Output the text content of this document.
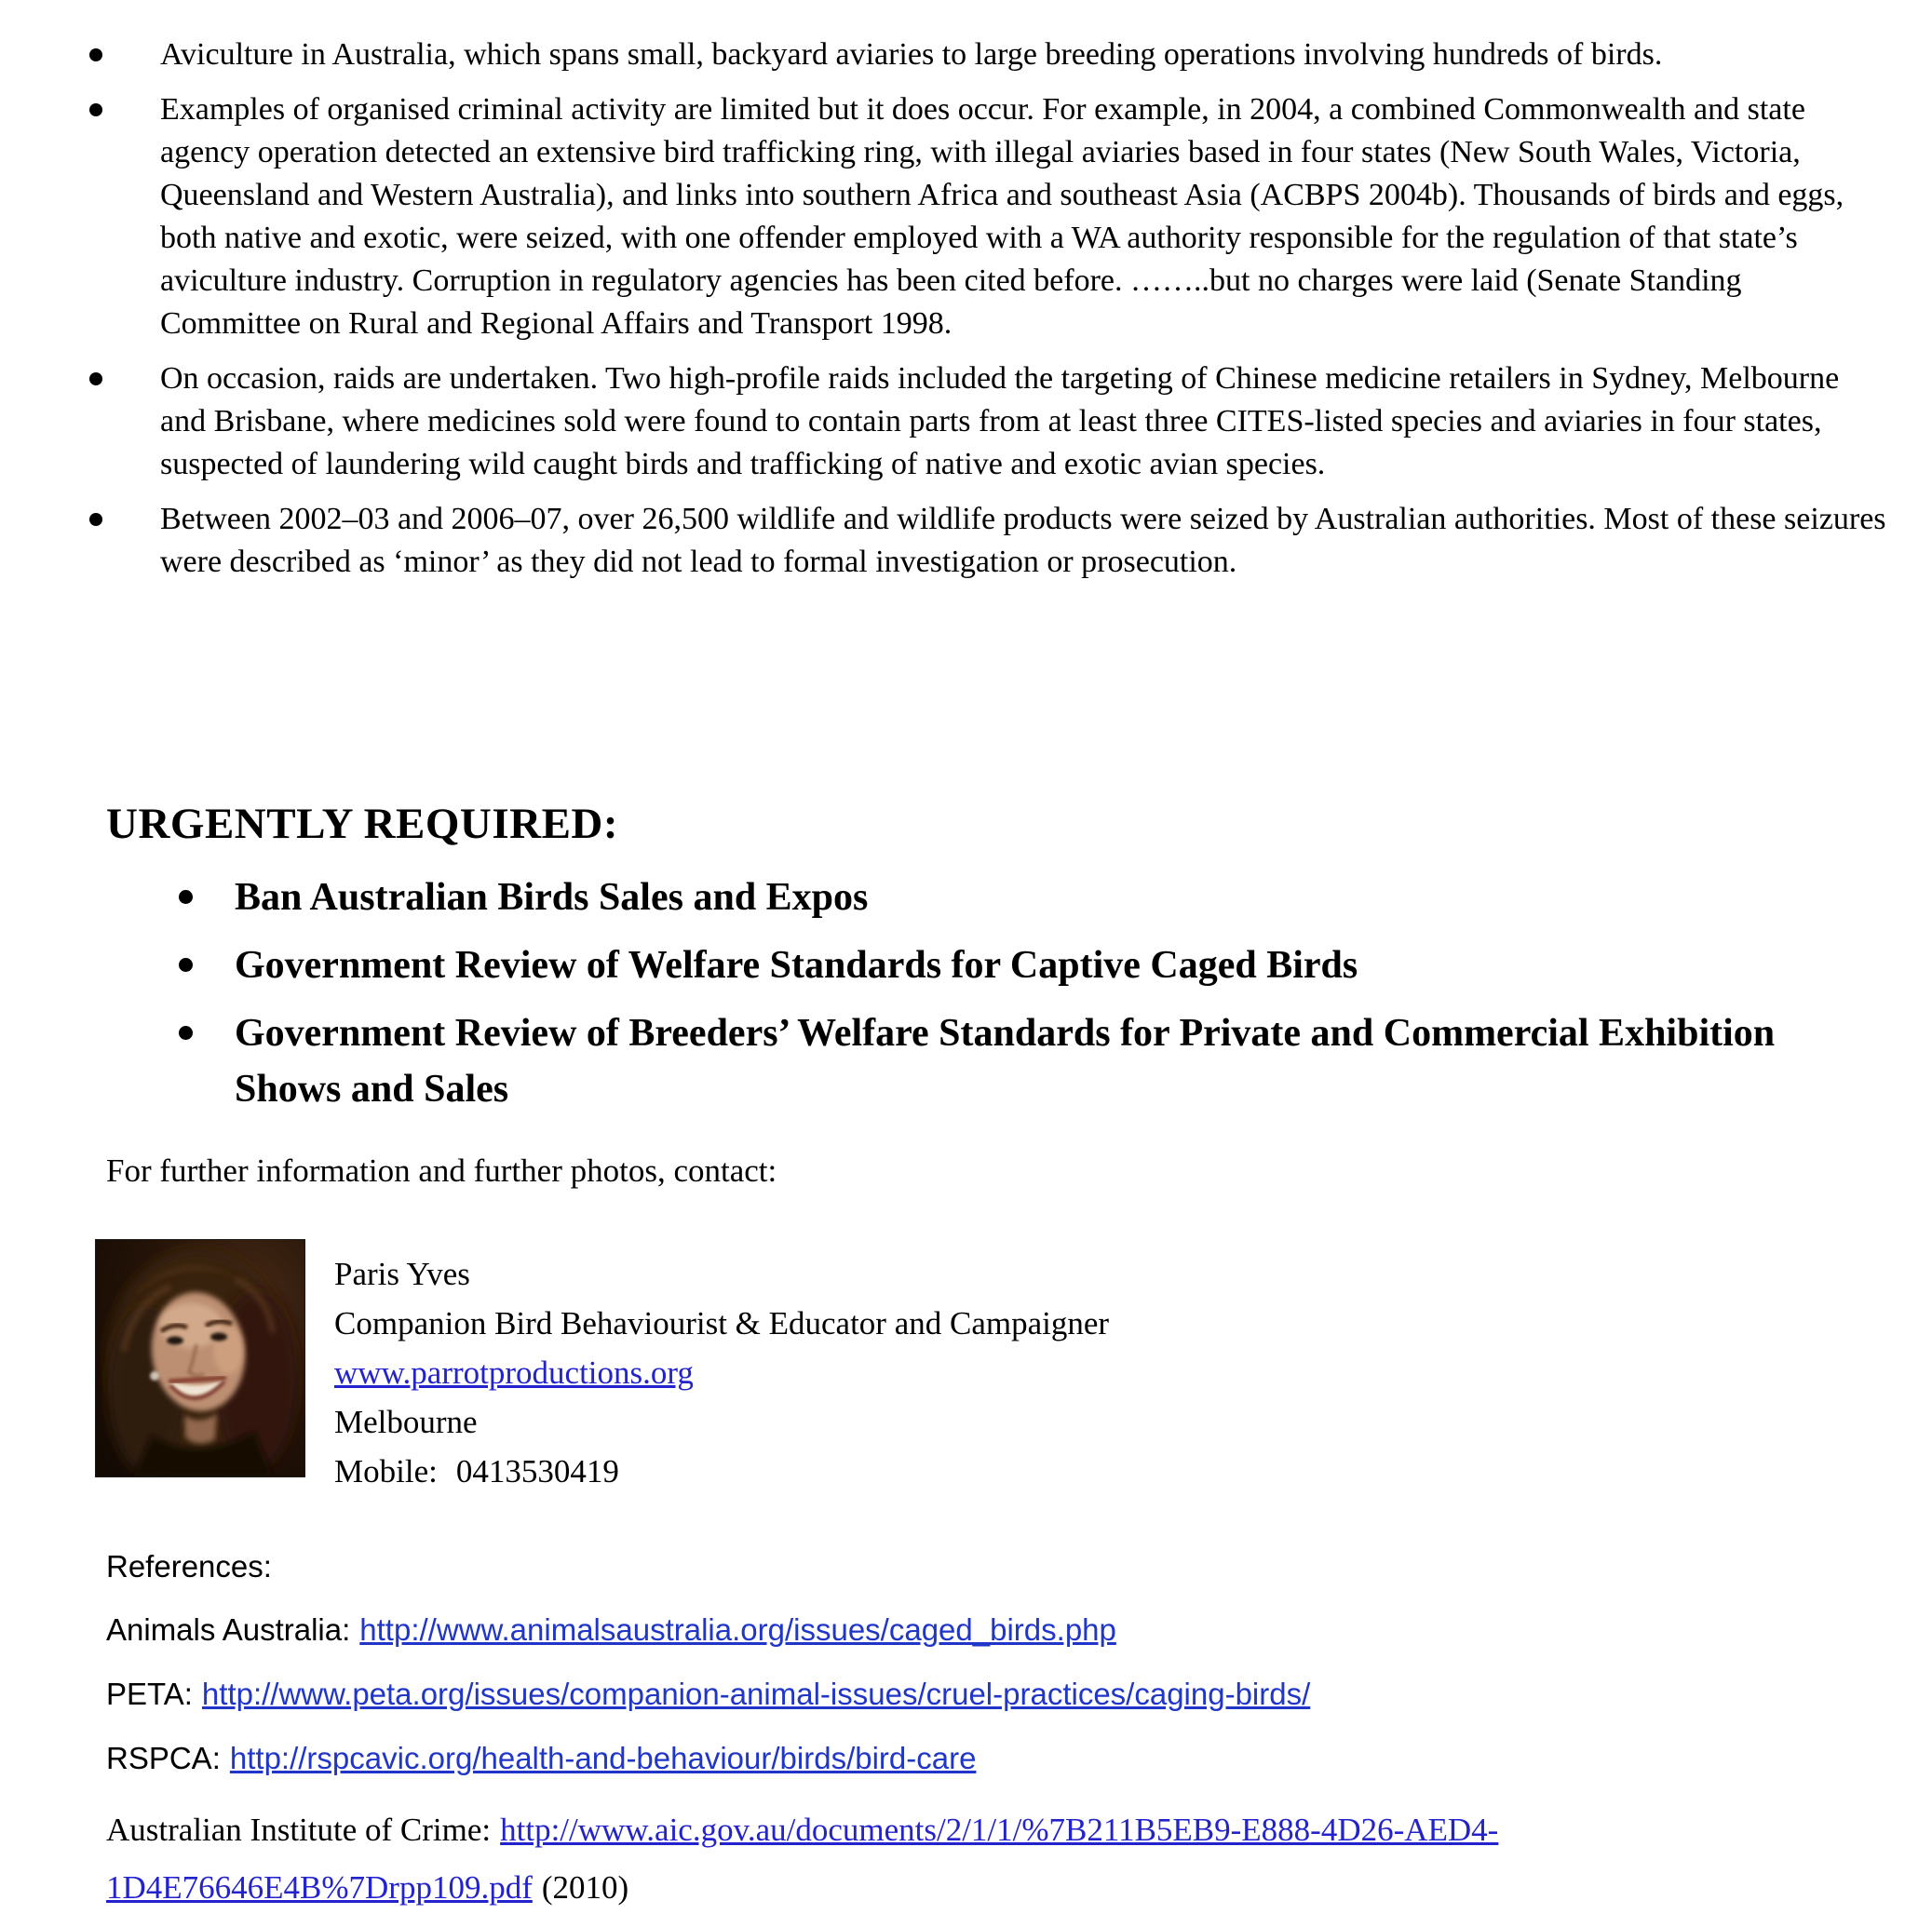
Aviculture in Australia, which spans small, backyard aviaries to large breeding operations involving hundreds of birds.
Examples of organised criminal activity are limited but it does occur. For example, in 2004, a combined Commonwealth and state agency operation detected an extensive bird trafficking ring, with illegal aviaries based in four states (New South Wales, Victoria, Queensland and Western Australia), and links into southern Africa and southeast Asia (ACBPS 2004b). Thousands of birds and eggs, both native and exotic, were seized, with one offender employed with a WA authority responsible for the regulation of that state’s aviculture industry. Corruption in regulatory agencies has been cited before. ……..but no charges were laid (Senate Standing Committee on Rural and Regional Affairs and Transport 1998.
On occasion, raids are undertaken. Two high-profile raids included the targeting of Chinese medicine retailers in Sydney, Melbourne and Brisbane, where medicines sold were found to contain parts from at least three CITES-listed species and aviaries in four states, suspected of laundering wild caught birds and trafficking of native and exotic avian species.
Between 2002–03 and 2006–07, over 26,500 wildlife and wildlife products were seized by Australian authorities. Most of these seizures were described as ‘minor’ as they did not lead to formal investigation or prosecution.
URGENTLY REQUIRED:
Ban Australian Birds Sales and Expos
Government Review of Welfare Standards for Captive Caged Birds
Government Review of Breeders’ Welfare Standards for Private and Commercial Exhibition Shows and Sales
For further information and further photos, contact:
Paris Yves
Companion Bird Behaviourist & Educator and Campaigner
www.parrotproductions.org
Melbourne
Mobile: 0413530419
References:
Animals Australia: http://www.animalsaustralia.org/issues/caged_birds.php
PETA: http://www.peta.org/issues/companion-animal-issues/cruel-practices/caging-birds/
RSPCA: http://rspcavic.org/health-and-behaviour/birds/bird-care
Australian Institute of Crime: http://www.aic.gov.au/documents/2/1/1/%7B211B5EB9-E888-4D26-AED4-1D4E76646E4B%7Drpp109.pdf (2010)
